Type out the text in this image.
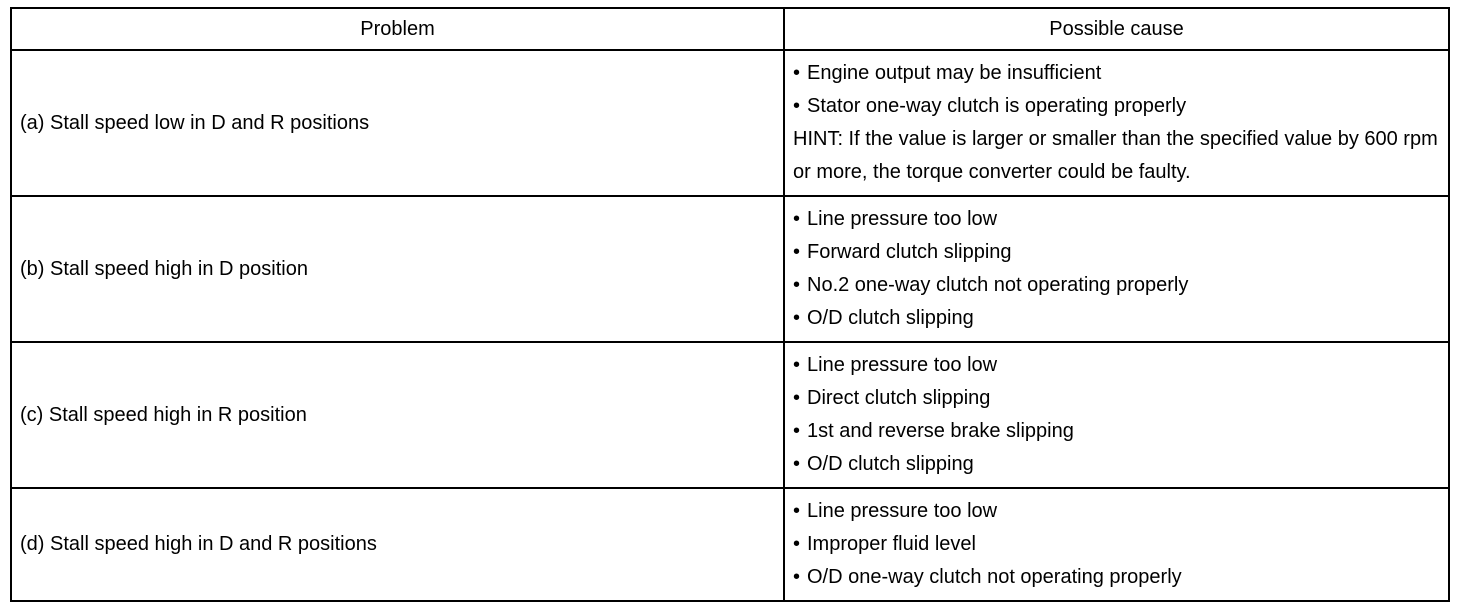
Problem	Possible cause
(a) Stall speed low in D and R positions	• Engine output may be insufficient
• Stator one-way clutch is operating properly
HINT: If the value is larger or smaller than the specified value by 600 rpm or more, the torque converter could be faulty.

(b) Stall speed high in D position	• Line pressure too low
• Forward clutch slipping
• No.2 one-way clutch not operating properly
• O/D clutch slipping

(c) Stall speed high in R position	• Line pressure too low
• Direct clutch slipping
• 1st and reverse brake slipping
• O/D clutch slipping

(d) Stall speed high in D and R positions	• Line pressure too low
• Improper fluid level
• O/D one-way clutch not operating properly
